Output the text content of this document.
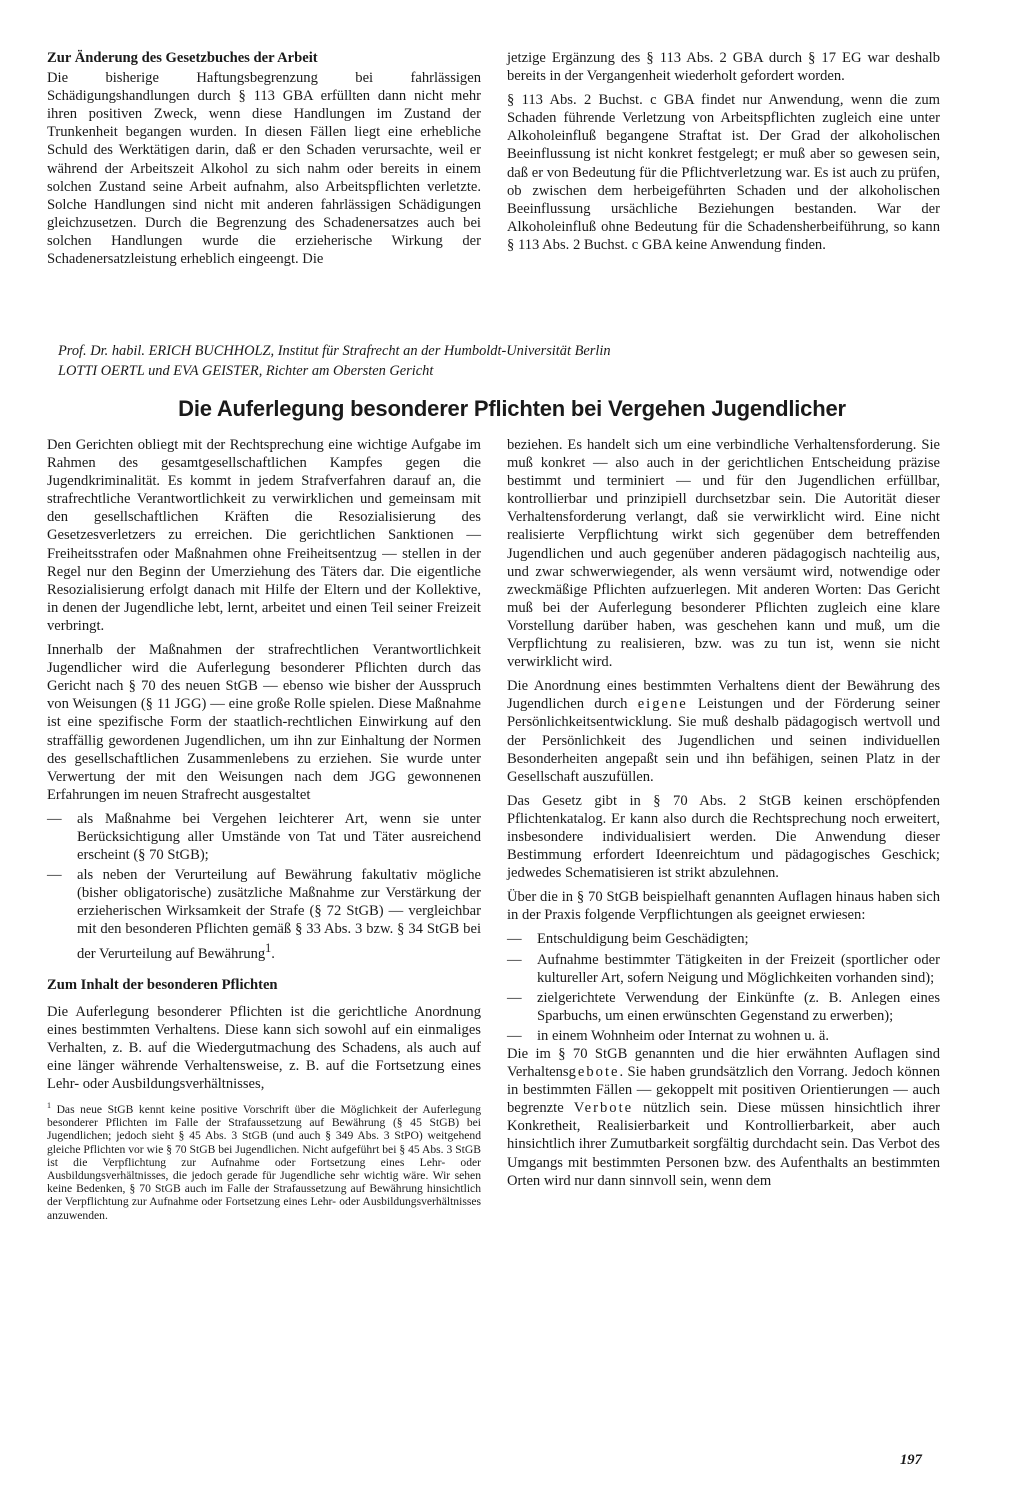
Zur Änderung des Gesetzbuches der Arbeit

Die bisherige Haftungsbegrenzung bei fahrlässigen Schädigungshandlungen durch § 113 GBA erfüllten dann nicht mehr ihren positiven Zweck, wenn diese Handlungen im Zustand der Trunkenheit begangen wurden. In diesen Fällen liegt eine erhebliche Schuld des Werktätigen darin, daß er den Schaden verursachte, weil er während der Arbeitszeit Alkohol zu sich nahm oder bereits in einem solchen Zustand seine Arbeit aufnahm, also Arbeitspflichten verletzte. Solche Handlungen sind nicht mit anderen fahrlässigen Schädigungen gleichzusetzen. Durch die Begrenzung des Schadenersatzes auch bei solchen Handlungen wurde die erzieherische Wirkung der Schadenersatzleistung erheblich eingeengt. Die

jetzige Ergänzung des § 113 Abs. 2 GBA durch § 17 EG war deshalb bereits in der Vergangenheit wiederholt gefordert worden.

§ 113 Abs. 2 Buchst. c GBA findet nur Anwendung, wenn die zum Schaden führende Verletzung von Arbeitspflichten zugleich eine unter Alkoholeinfluß begangene Straftat ist. Der Grad der alkoholischen Beeinflussung ist nicht konkret festgelegt; er muß aber so gewesen sein, daß er von Bedeutung für die Pflichtverletzung war. Es ist auch zu prüfen, ob zwischen dem herbeigeführten Schaden und der alkoholischen Beeinflussung ursächliche Beziehungen bestanden. War der Alkoholeinfluß ohne Bedeutung für die Schadensherbeiführung, so kann § 113 Abs. 2 Buchst. c GBA keine Anwendung finden.

Prof. Dr. habil. ERICH BUCHHOLZ, Institut für Strafrecht an der Humboldt-Universität Berlin
LOTTI OERTL und EVA GEISTER, Richter am Obersten Gericht
Die Auferlegung besonderer Pflichten bei Vergehen Jugendlicher

Den Gerichten obliegt mit der Rechtsprechung eine wichtige Aufgabe im Rahmen des gesamtgesellschaftlichen Kampfes gegen die Jugendkriminalität. Es kommt in jedem Strafverfahren darauf an, die strafrechtliche Verantwortlichkeit zu verwirklichen und gemeinsam mit den gesellschaftlichen Kräften die Resozialisierung des Gesetzesverletzers zu erreichen. Die gerichtlichen Sanktionen — Freiheitsstrafen oder Maßnahmen ohne Freiheitsentzug — stellen in der Regel nur den Beginn der Umerziehung des Täters dar. Die eigentliche Resozialisierung erfolgt danach mit Hilfe der Eltern und der Kollektive, in denen der Jugendliche lebt, lernt, arbeitet und einen Teil seiner Freizeit verbringt.

Innerhalb der Maßnahmen der strafrechtlichen Verantwortlichkeit Jugendlicher wird die Auferlegung besonderer Pflichten durch das Gericht nach § 70 des neuen StGB — ebenso wie bisher der Ausspruch von Weisungen (§ 11 JGG) — eine große Rolle spielen. Diese Maßnahme ist eine spezifische Form der staatlich-rechtlichen Einwirkung auf den straffällig gewordenen Jugendlichen, um ihn zur Einhaltung der Normen des gesellschaftlichen Zusammenlebens zu erziehen. Sie wurde unter Verwertung der mit den Weisungen nach dem JGG gewonnenen Erfahrungen im neuen Strafrecht ausgestaltet

— als Maßnahme bei Vergehen leichterer Art, wenn sie unter Berücksichtigung aller Umstände von Tat und Täter ausreichend erscheint (§ 70 StGB);
— als neben der Verurteilung auf Bewährung fakultativ mögliche (bisher obligatorische) zusätzliche Maßnahme zur Verstärkung der erzieherischen Wirksamkeit der Strafe (§ 72 StGB) — vergleichbar mit den besonderen Pflichten gemäß § 33 Abs. 3 bzw. § 34 StGB bei der Verurteilung auf Bewährung$^1$.
Zum Inhalt der besonderen Pflichten

Die Auferlegung besonderer Pflichten ist die gerichtliche Anordnung eines bestimmten Verhaltens. Diese kann sich sowohl auf ein einmaliges Verhalten, z. B. auf die Wiedergutmachung des Schadens, als auch auf eine länger währende Verhaltensweise, z. B. auf die Fortsetzung eines Lehr- oder Ausbildungsverhältnisses,

$^1$ Das neue StGB kennt keine positive Vorschrift über die Möglichkeit der Auferlegung besonderer Pflichten im Falle der Strafaussetzung auf Bewährung (§ 45 StGB) bei Jugendlichen; jedoch sieht § 45 Abs. 3 StGB (und auch § 349 Abs. 3 StPO) weitgehend gleiche Pflichten vor wie § 70 StGB bei Jugendlichen. Nicht aufgeführt bei § 45 Abs. 3 StGB ist die Verpflichtung zur Aufnahme oder Fortsetzung eines Lehr- oder Ausbildungsverhältnisses, die jedoch gerade für Jugendliche sehr wichtig wäre. Wir sehen keine Bedenken, § 70 StGB auch im Falle der Strafaussetzung auf Bewährung hinsichtlich der Verpflichtung zur Aufnahme oder Fortsetzung eines Lehr- oder Ausbildungsverhältnisses anzuwenden.

beziehen. Es handelt sich um eine verbindliche Verhaltensforderung. Sie muß konkret — also auch in der gerichtlichen Entscheidung präzise bestimmt und terminiert — und für den Jugendlichen erfüllbar, kontrollierbar und prinzipiell durchsetzbar sein. Die Autorität dieser Verhaltensforderung verlangt, daß sie verwirklicht wird. Eine nicht realisierte Verpflichtung wirkt sich gegenüber dem betreffenden Jugendlichen und auch gegenüber anderen pädagogisch nachteilig aus, und zwar schwerwiegender, als wenn versäumt wird, notwendige oder zweckmäßige Pflichten aufzuerlegen. Mit anderen Worten: Das Gericht muß bei der Auferlegung besonderer Pflichten zugleich eine klare Vorstellung darüber haben, was geschehen kann und muß, um die Verpflichtung zu realisieren, bzw. was zu tun ist, wenn sie nicht verwirklicht wird.

Die Anordnung eines bestimmten Verhaltens dient der Bewährung des Jugendlichen durch eigene Leistungen und der Förderung seiner Persönlichkeitsentwicklung. Sie muß deshalb pädagogisch wertvoll und der Persönlichkeit des Jugendlichen und seinen individuellen Besonderheiten angepaßt sein und ihn befähigen, seinen Platz in der Gesellschaft auszufüllen.

Das Gesetz gibt in § 70 Abs. 2 StGB keinen erschöpfenden Pflichtenkatalog. Er kann also durch die Rechtsprechung noch erweitert, insbesondere individualisiert werden. Die Anwendung dieser Bestimmung erfordert Ideenreichtum und pädagogisches Geschick; jedwedes Schematisieren ist strikt abzulehnen.

Über die in § 70 StGB beispielhaft genannten Auflagen hinaus haben sich in der Praxis folgende Verpflichtungen als geeignet erwiesen:

— Entschuldigung beim Geschädigten;
— Aufnahme bestimmter Tätigkeiten in der Freizeit (sportlicher oder kultureller Art, sofern Neigung und Möglichkeiten vorhanden sind);
— zielgerichtete Verwendung der Einkünfte (z. B. Anlegen eines Sparbuchs, um einen erwünschten Gegenstand zu erwerben);
— in einem Wohnheim oder Internat zu wohnen u. ä.

Die im § 70 StGB genannten und die hier erwähnten Auflagen sind Verhaltensgebote. Sie haben grundsätzlich den Vorrang. Jedoch können in bestimmten Fällen — gekoppelt mit positiven Orientierungen — auch begrenzte Verbote nützlich sein. Diese müssen hinsichtlich ihrer Konkretheit, Realisierbarkeit und Kontrollierbarkeit, aber auch hinsichtlich ihrer Zumutbarkeit sorgfältig durchdacht sein. Das Verbot des Umgangs mit bestimmten Personen bzw. des Aufenthalts an bestimmten Orten wird nur dann sinnvoll sein, wenn dem

197
